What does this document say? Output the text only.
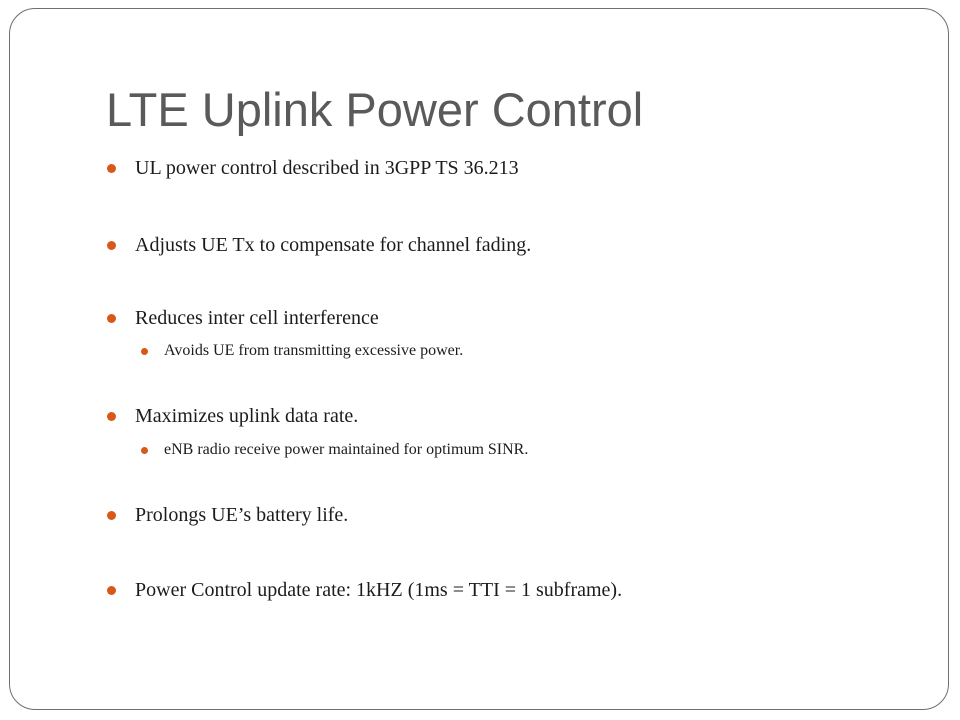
LTE Uplink Power Control
UL power control described in 3GPP TS 36.213
Adjusts UE Tx to compensate for channel fading.
Reduces inter cell interference
Avoids UE from transmitting excessive power.
Maximizes uplink data rate.
eNB radio receive power maintained for optimum SINR.
Prolongs UE’s battery life.
Power Control update rate: 1kHZ (1ms = TTI = 1 subframe).
